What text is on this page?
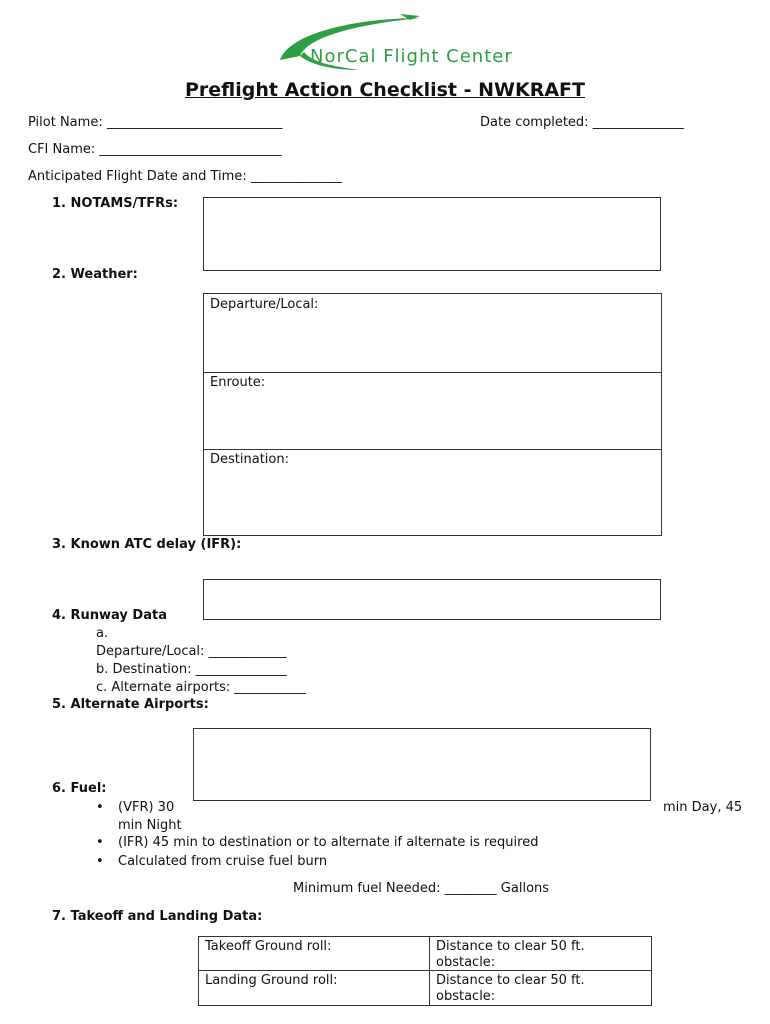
NorCal Flight Center
Preflight Action Checklist - NWKRAFT
Pilot Name: ___________________________	Date completed: ______________
CFI Name: ____________________________
Anticipated Flight Date and Time: ______________
1. NOTAMS/TFRs:
2. Weather:
Departure/Local:
Enroute:
Destination:
3. Known ATC delay (IFR):
4. Runway Data
a.
Departure/Local: ____________
b. Destination: ______________
c. Alternate airports: ___________
5. Alternate Airports:
6. Fuel:
• (VFR) 30	min Day, 45
min Night
• (IFR) 45 min to destination or to alternate if alternate is required
• Calculated from cruise fuel burn
Minimum fuel Needed: ________ Gallons
7. Takeoff and Landing Data:
Takeoff Ground roll:	Distance to clear 50 ft. obstacle:
Landing Ground roll:	Distance to clear 50 ft. obstacle:
